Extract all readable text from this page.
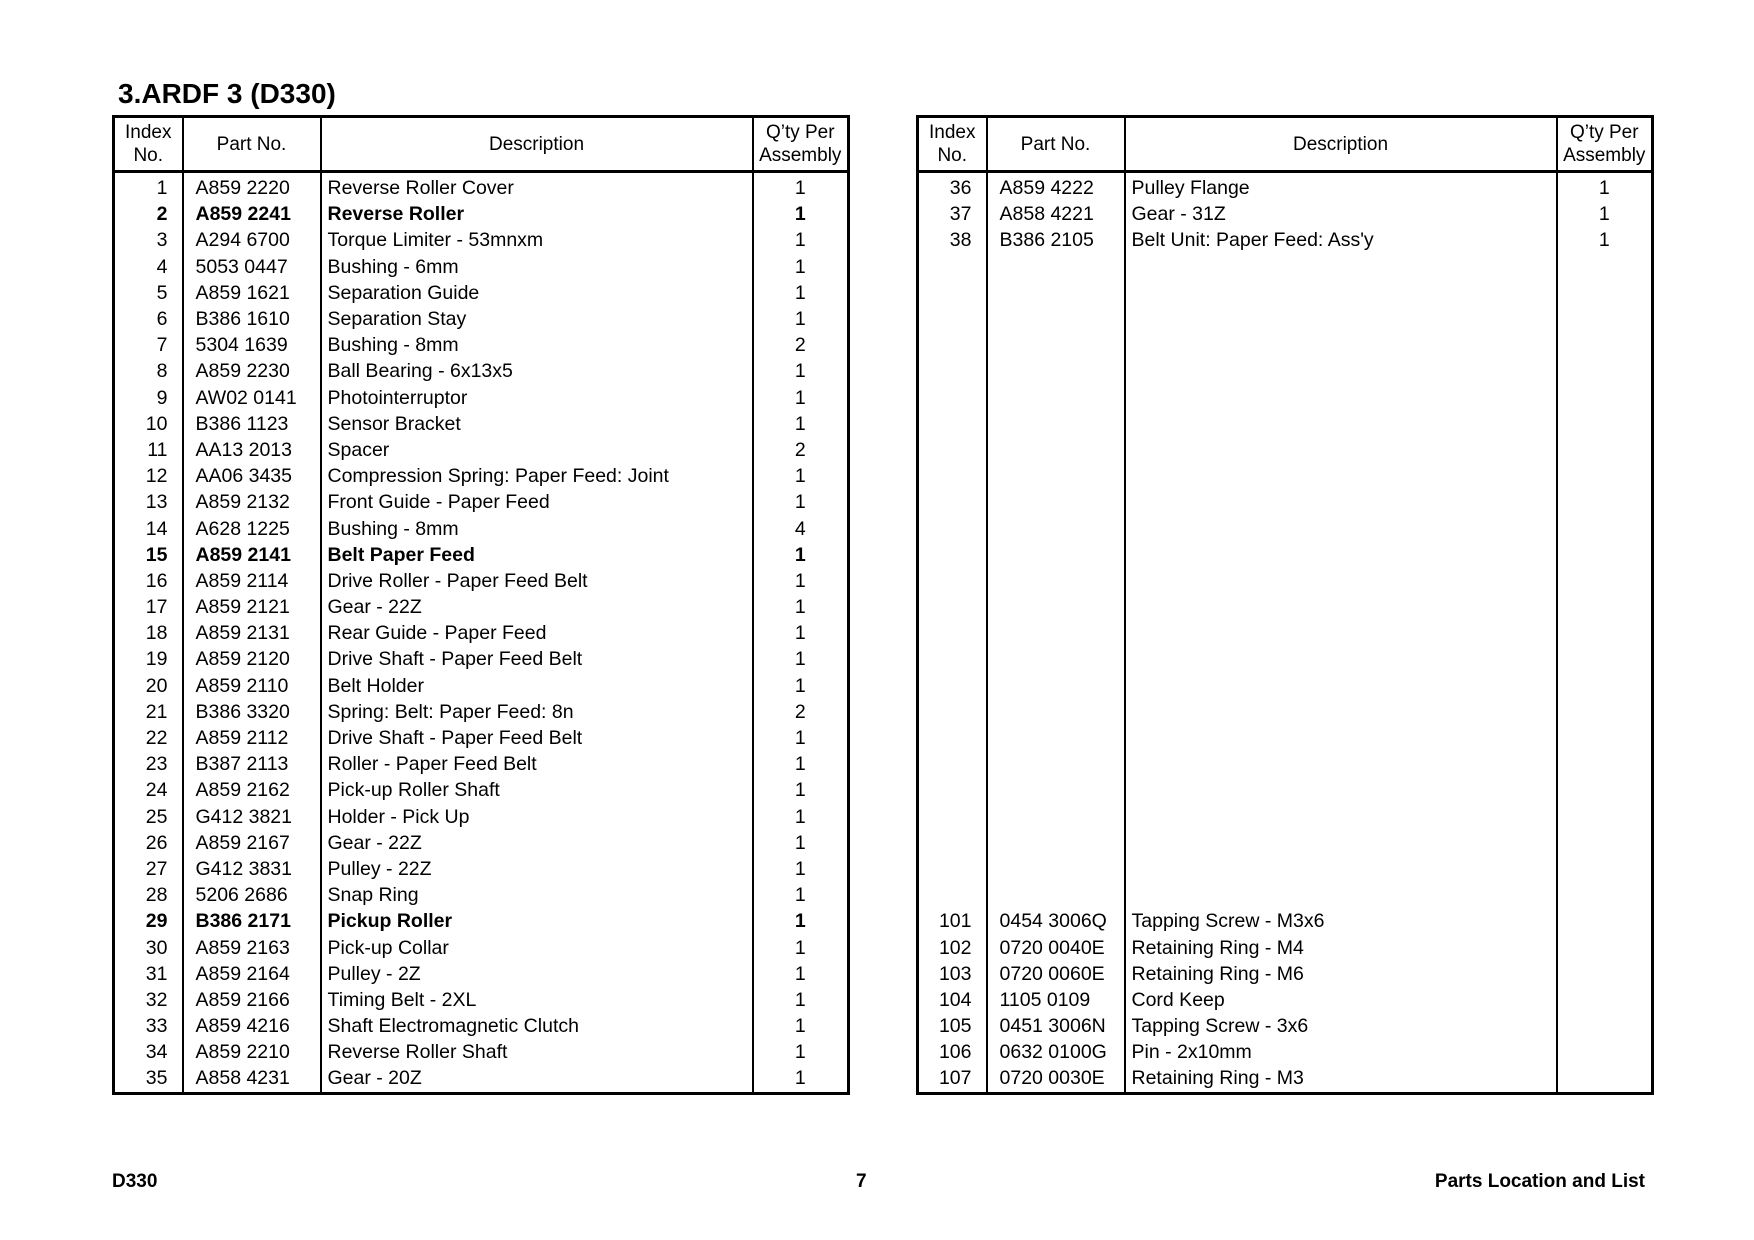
3.ARDF 3 (D330)
Index
No.	Part No.	Description	Q’ty Per
Assembly
1	A859 2220	Reverse Roller Cover	1
2	A859 2241	Reverse Roller	1
3	A294 6700	Torque Limiter - 53mnxm	1
4	5053 0447	Bushing - 6mm	1
5	A859 1621	Separation Guide	1
6	B386 1610	Separation Stay	1
7	5304 1639	Bushing - 8mm	2
8	A859 2230	Ball Bearing - 6x13x5	1
9	AW02 0141	Photointerruptor	1
10	B386 1123	Sensor Bracket	1
11	AA13 2013	Spacer	2
12	AA06 3435	Compression Spring: Paper Feed: Joint	1
13	A859 2132	Front Guide - Paper Feed	1
14	A628 1225	Bushing - 8mm	4
15	A859 2141	Belt Paper Feed	1
16	A859 2114	Drive Roller - Paper Feed Belt	1
17	A859 2121	Gear - 22Z	1
18	A859 2131	Rear Guide - Paper Feed	1
19	A859 2120	Drive Shaft - Paper Feed Belt	1
20	A859 2110	Belt Holder	1
21	B386 3320	Spring: Belt: Paper Feed: 8n	2
22	A859 2112	Drive Shaft - Paper Feed Belt	1
23	B387 2113	Roller - Paper Feed Belt	1
24	A859 2162	Pick-up Roller Shaft	1
25	G412 3821	Holder - Pick Up	1
26	A859 2167	Gear - 22Z	1
27	G412 3831	Pulley - 22Z	1
28	5206 2686	Snap Ring	1
29	B386 2171	Pickup Roller	1
30	A859 2163	Pick-up Collar	1
31	A859 2164	Pulley - 2Z	1
32	A859 2166	Timing Belt - 2XL	1
33	A859 4216	Shaft Electromagnetic Clutch	1
34	A859 2210	Reverse Roller Shaft	1
35	A858 4231	Gear - 20Z	1
Index
No.	Part No.	Description	Q’ty Per
Assembly
36	A859 4222	Pulley Flange	1
37	A858 4221	Gear - 31Z	1
38	B386 2105	Belt Unit: Paper Feed: Ass'y	1

101	0454 3006Q	Tapping Screw - M3x6	
102	0720 0040E	Retaining Ring - M4	
103	0720 0060E	Retaining Ring - M6	
104	1105 0109	Cord Keep	
105	0451 3006N	Tapping Screw - 3x6	
106	0632 0100G	Pin - 2x10mm	
107	0720 0030E	Retaining Ring - M3	
D330	7	Parts Location and List
